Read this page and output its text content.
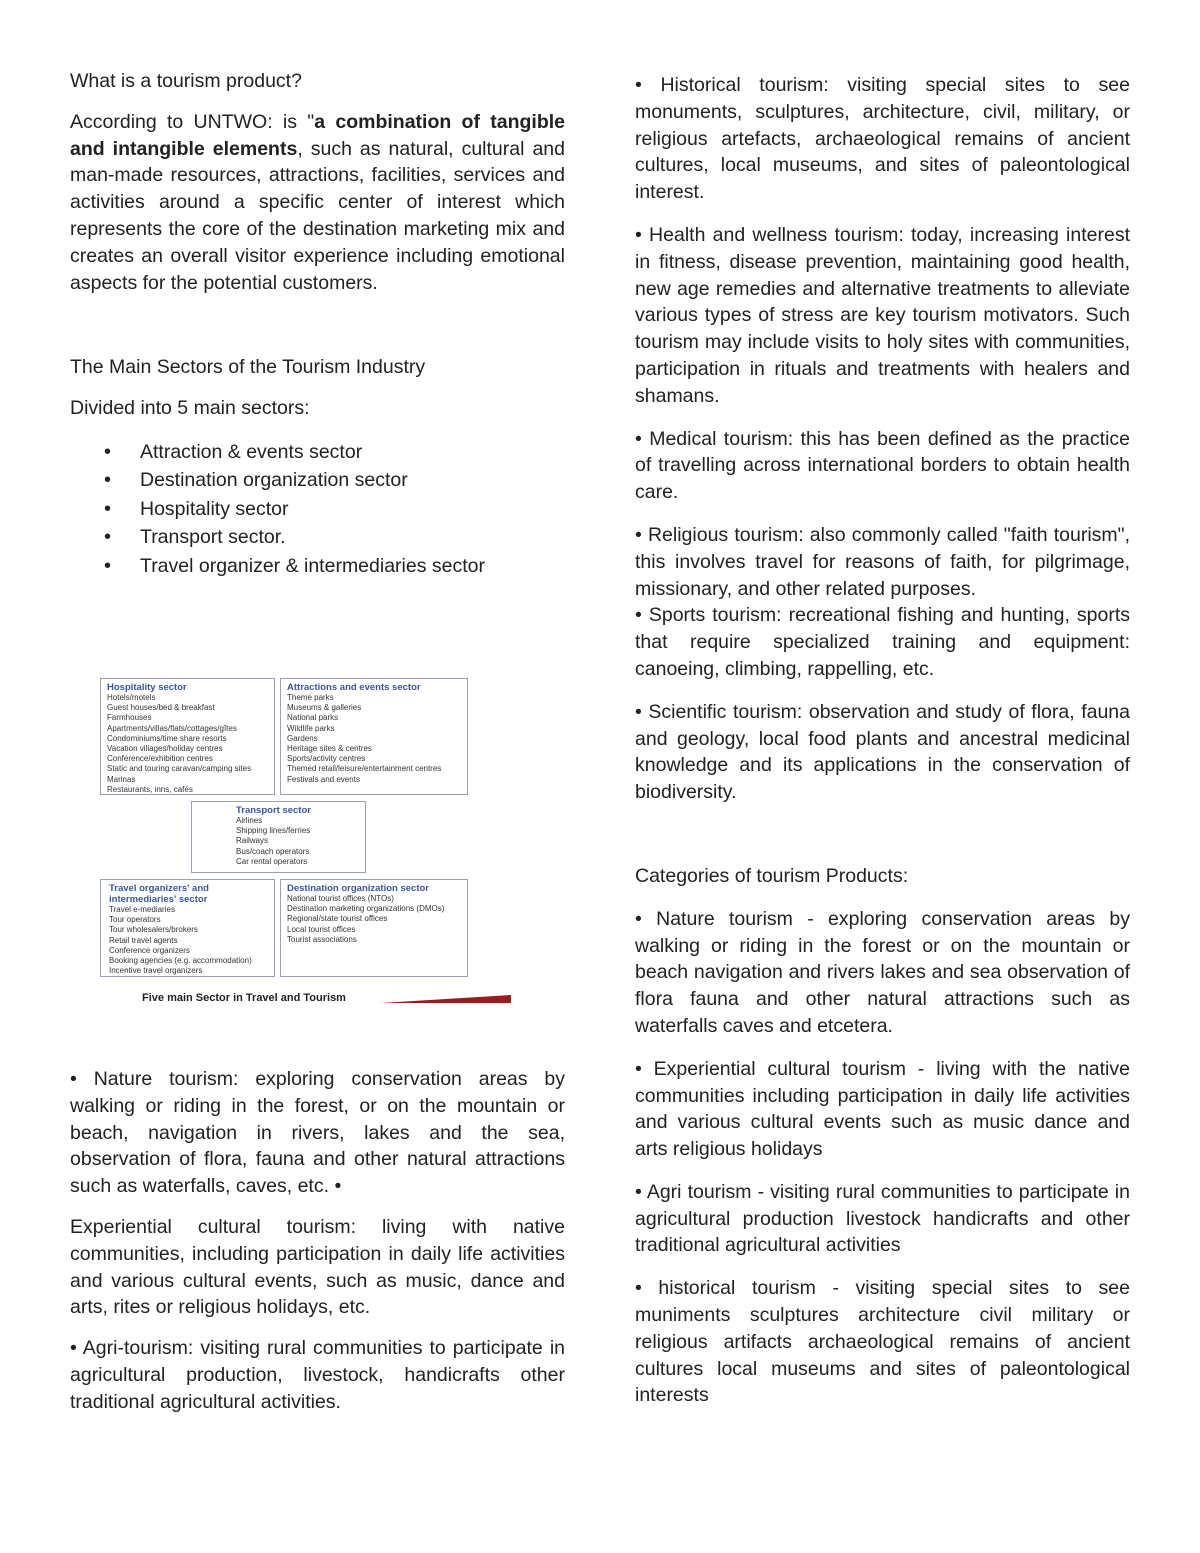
What is a tourism product?

According to UNTWO: is "a combination of tangible and intangible elements, such as natural, cultural and man-made resources, attractions, facilities, services and activities around a specific center of interest which represents the core of the destination marketing mix and creates an overall visitor experience including emotional aspects for the potential customers.

The Main Sectors of the Tourism Industry

Divided into 5 main sectors:

• Attraction & events sector
• Destination organization sector
• Hospitality sector
• Transport sector.
• Travel organizer & intermediaries sector
Hospitality sector
Hotels/motels
Guest houses/bed & breakfast
Farmhouses
Apartments/villas/flats/cottages/gîtes
Condominiums/time share resorts
Vacation villages/holiday centres
Conference/exhibition centres
Static and touring caravan/camping sites
Marinas
Restaurants, inns, cafés
Attractions and events sector
Theme parks
Museums & galleries
National parks
Wildlife parks
Gardens
Heritage sites & centres
Sports/activity centres
Themed retail/leisure/entertainment centres
Festivals and events
Transport sector
Airlines
Shipping lines/ferries
Railways
Bus/coach operators
Car rental operators
Travel organizers' and intermediaries' sector
Travel e-mediaries
Tour operators
Tour wholesalers/brokers
Retail travel agents
Conference organizers
Booking agencies (e.g. accommodation)
Incentive travel organizers
Destination organization sector
National tourist offices (NTOs)
Destination marketing organizations (DMOs)
Regional/state tourist offices
Local tourist offices
Tourist associations
Five main Sector in Travel and Tourism

• Nature tourism: exploring conservation areas by walking or riding in the forest, or on the mountain or beach, navigation in rivers, lakes and the sea, observation of flora, fauna and other natural attractions such as waterfalls, caves, etc. •

Experiential cultural tourism: living with native communities, including participation in daily life activities and various cultural events, such as music, dance and arts, rites or religious holidays, etc.

• Agri-tourism: visiting rural communities to participate in agricultural production, livestock, handicrafts other traditional agricultural activities.

• Historical tourism: visiting special sites to see monuments, sculptures, architecture, civil, military, or religious artefacts, archaeological remains of ancient cultures, local museums, and sites of paleontological interest.

• Health and wellness tourism: today, increasing interest in fitness, disease prevention, maintaining good health, new age remedies and alternative treatments to alleviate various types of stress are key tourism motivators. Such tourism may include visits to holy sites with communities, participation in rituals and treatments with healers and shamans.

• Medical tourism: this has been defined as the practice of travelling across international borders to obtain health care.

• Religious tourism: also commonly called "faith tourism", this involves travel for reasons of faith, for pilgrimage, missionary, and other related purposes.

• Sports tourism: recreational fishing and hunting, sports that require specialized training and equipment: canoeing, climbing, rappelling, etc.

• Scientific tourism: observation and study of flora, fauna and geology, local food plants and ancestral medicinal knowledge and its applications in the conservation of biodiversity.

Categories of tourism Products:

• Nature tourism - exploring conservation areas by walking or riding in the forest or on the mountain or beach navigation and rivers lakes and sea observation of flora fauna and other natural attractions such as waterfalls caves and etcetera.

• Experiential cultural tourism - living with the native communities including participation in daily life activities and various cultural events such as music dance and arts religious holidays

• Agri tourism - visiting rural communities to participate in agricultural production livestock handicrafts and other traditional agricultural activities

• historical tourism - visiting special sites to see muniments sculptures architecture civil military or religious artifacts archaeological remains of ancient cultures local museums and sites of paleontological interests
